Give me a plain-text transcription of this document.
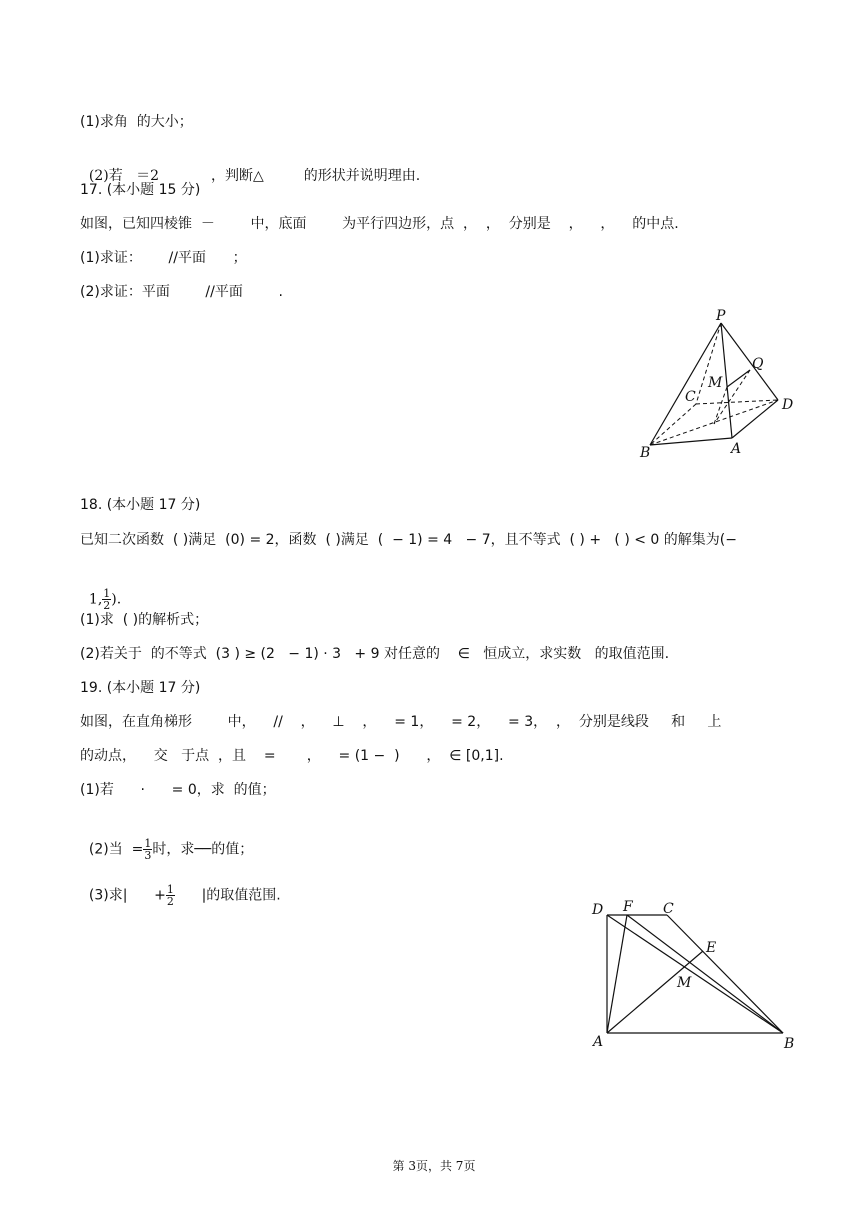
(1)求角  的大小；

(2)若   ＝2	，判断△	的形状并说明理由.

17. (本小题 15 分)
如图，已知四棱锥  －        中，底面        为平行四边形，点  ，  ，  分别是    ，    ，    的中点.
(1)求证：      //平面      ；
(2)求证：平面        //平面        .
P
Q
M
C	D
B	A
18. (本小题 17 分)
已知二次函数  ( )满足  (0) = 2，函数  ( )满足  (  − 1) = 4   − 7，且不等式  ( ) +   ( ) < 0 的解集为(−

1, $\frac{1}{2}$ ).

(1)求  ( )的解析式；
(2)若关于  的不等式  (3 ) ≥ (2   − 1) · 3   + 9 对任意的    ∈   恒成立，求实数   的取值范围.
19. (本小题 17 分)
如图，在直角梯形        中，    //    ，    ⊥    ，    = 1，    = 2，    = 3，  ，  分别是线段     和     上
的动点，    交   于点  ，且    =       ，    = (1 −  )      ，  ∈ [0,1].
(1)若      ·      = 0，求  的值；

(2)当  = $\frac{1}{3}$ 时，求──的值；

(3)求|      + $\frac{1}{2}$ |的取值范围.

D F C
E
M
A	B
第 3页，共 7页
